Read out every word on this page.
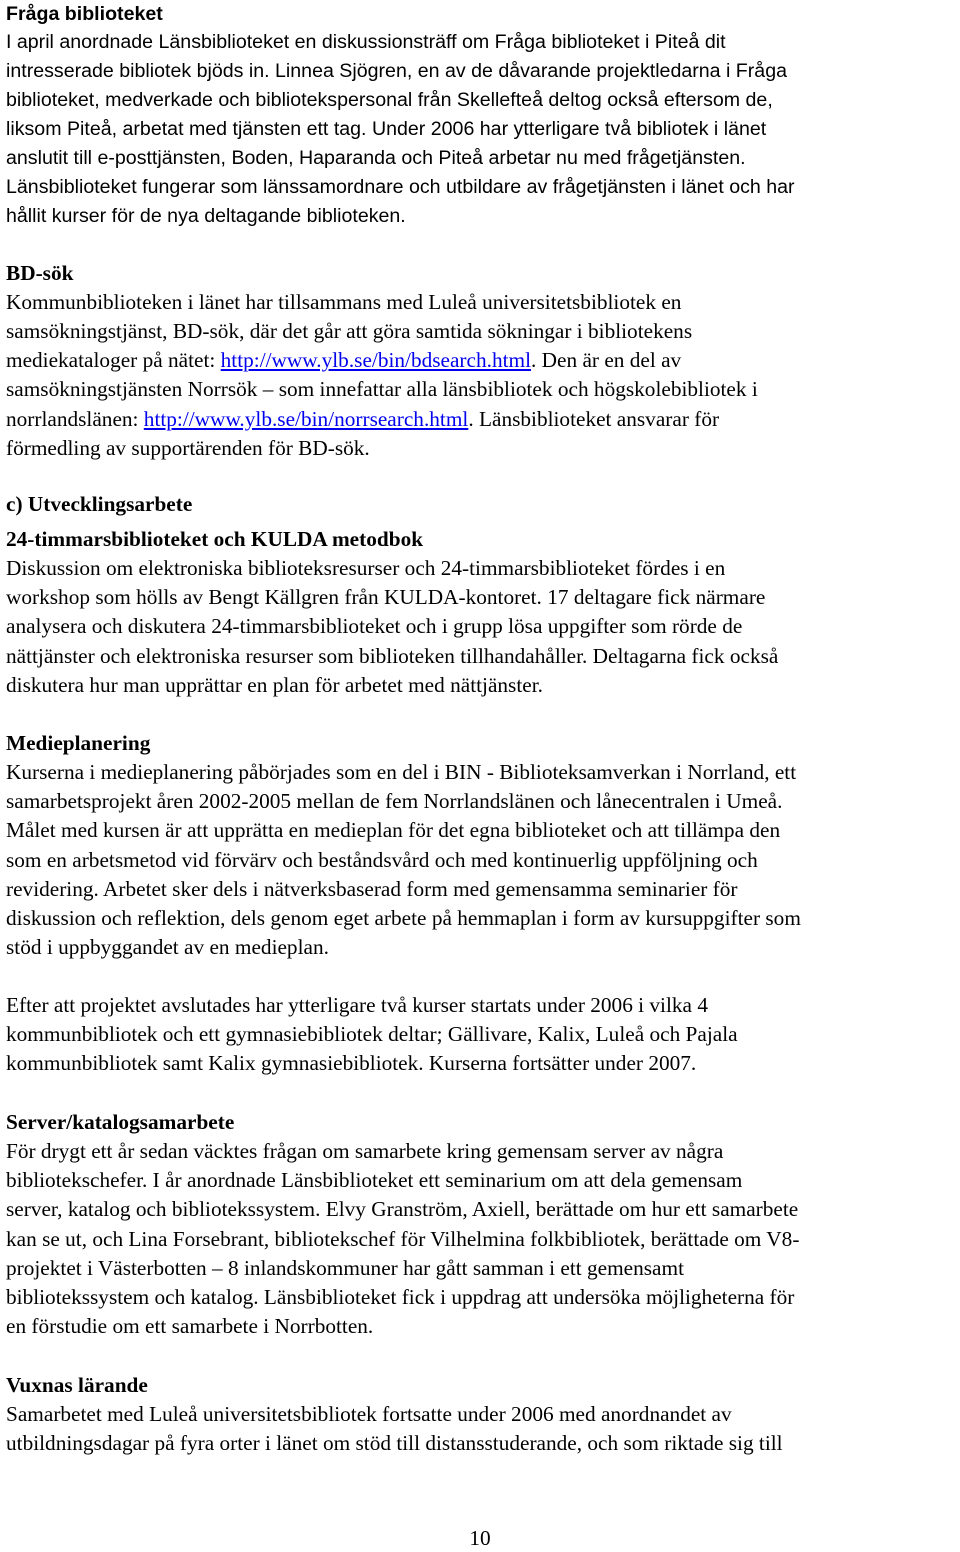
Fråga biblioteket
I april anordnade Länsbiblioteket en diskussionsträff om Fråga biblioteket i Piteå dit
intresserade bibliotek bjöds in. Linnea Sjögren, en av de dåvarande projektledarna i Fråga
biblioteket, medverkade och bibliotekspersonal från Skellefteå deltog också eftersom de,
liksom Piteå, arbetat med tjänsten ett tag. Under 2006 har ytterligare två bibliotek i länet
anslutit till e-posttjänsten, Boden, Haparanda och Piteå arbetar nu med frågetjänsten.
Länsbiblioteket fungerar som länssamordnare och utbildare av frågetjänsten i länet och har
hållit kurser för de nya deltagande biblioteken.
BD-sök
Kommunbiblioteken i länet har tillsammans med Luleå universitetsbibliotek en
samsökningstjänst, BD-sök, där det går att göra samtida sökningar i bibliotekens
mediekataloger på nätet: http://www.ylb.se/bin/bdsearch.html. Den är en del av
samsökningstjänsten Norrsök – som innefattar alla länsbibliotek och högskolebibliotek i
norrlandslänen: http://www.ylb.se/bin/norrsearch.html. Länsbiblioteket ansvarar för
förmedling av supportärenden för BD-sök.
c) Utvecklingsarbete
24-timmarsbiblioteket och KULDA metodbok
Diskussion om elektroniska biblioteksresurser och 24-timmarsbiblioteket fördes i en
workshop som hölls av Bengt Källgren från KULDA-kontoret. 17 deltagare fick närmare
analysera och diskutera 24-timmarsbiblioteket och i grupp lösa uppgifter som rörde de
nättjänster och elektroniska resurser som biblioteken tillhandahåller. Deltagarna fick också
diskutera hur man upprättar en plan för arbetet med nättjänster.
Medieplanering
Kurserna i medieplanering påbörjades som en del i BIN - Biblioteksamverkan i Norrland, ett
samarbetsprojekt åren 2002-2005 mellan de fem Norrlandslänen och lånecentralen i Umeå.
Målet med kursen är att upprätta en medieplan för det egna biblioteket och att tillämpa den
som en arbetsmetod vid förvärv och beståndsvård och med kontinuerlig uppföljning och
revidering. Arbetet sker dels i nätverksbaserad form med gemensamma seminarier för
diskussion och reflektion, dels genom eget arbete på hemmaplan i form av kursuppgifter som
stöd i uppbyggandet av en medieplan.
Efter att projektet avslutades har ytterligare två kurser startats under 2006 i vilka 4
kommunbibliotek och ett gymnasiebibliotek deltar; Gällivare, Kalix, Luleå och Pajala
kommunbibliotek samt Kalix gymnasiebibliotek. Kurserna fortsätter under 2007.
Server/katalogsamarbete
För drygt ett år sedan väcktes frågan om samarbete kring gemensam server av några
bibliotekschefer. I år anordnade Länsbiblioteket ett seminarium om att dela gemensam
server, katalog och bibliotekssystem. Elvy Granström, Axiell, berättade om hur ett samarbete
kan se ut, och Lina Forsebrant, bibliotekschef för Vilhelmina folkbibliotek, berättade om V8-
projektet i Västerbotten – 8 inlandskommuner har gått samman i ett gemensamt
bibliotekssystem och katalog. Länsbiblioteket fick i uppdrag att undersöka möjligheterna för
en förstudie om ett samarbete i Norrbotten.
Vuxnas lärande
Samarbetet med Luleå universitetsbibliotek fortsatte under 2006 med anordnandet av
utbildningsdagar på fyra orter i länet om stöd till distansstuderande, och som riktade sig till
10
